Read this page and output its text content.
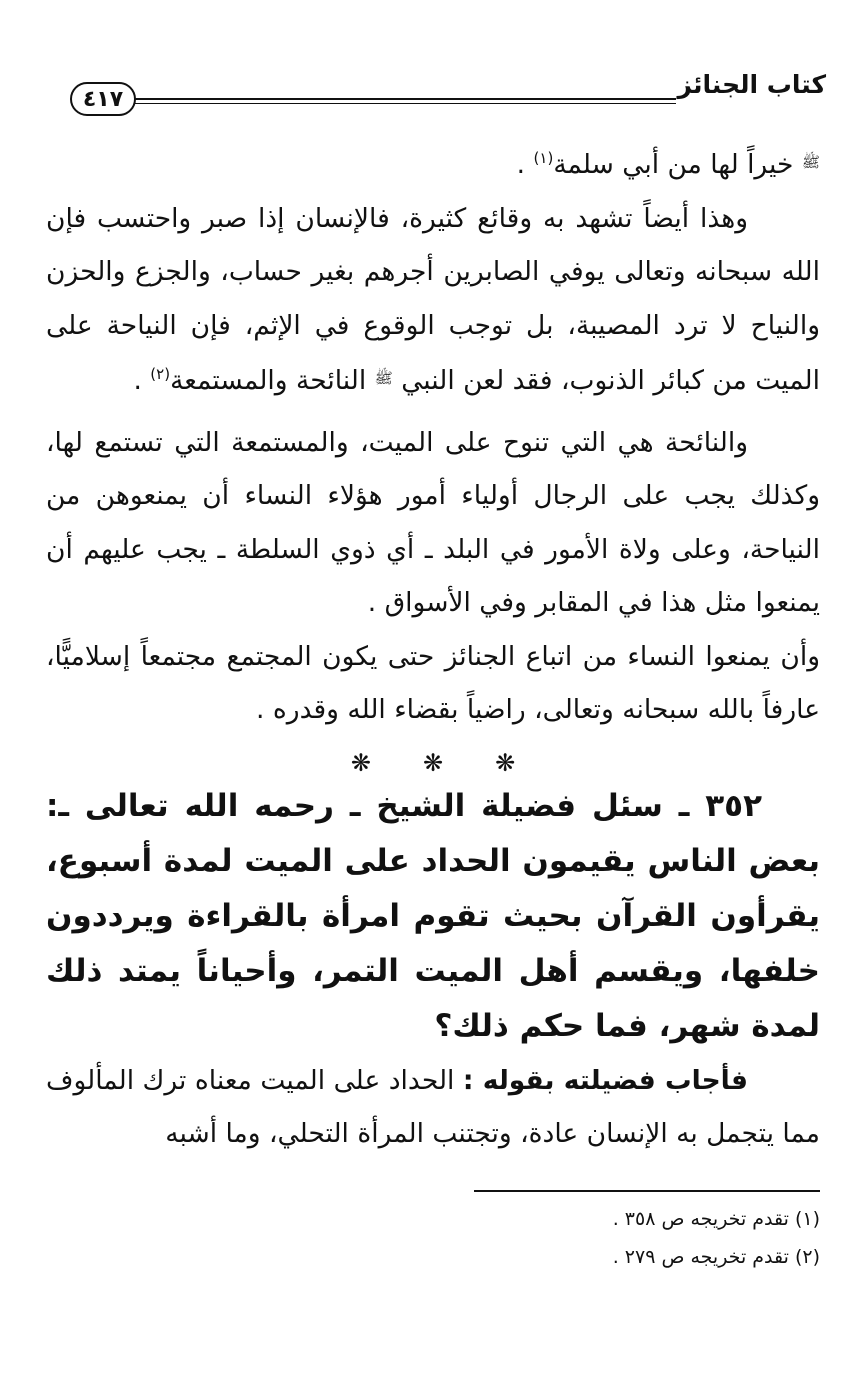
كتاب الجنائز
٤١٧

$^ﷺ$ خيراً لها من أبي سلمة$^{(١)}$ .

وهذا أيضاً تشهد به وقائع كثيرة، فالإنسان إذا صبر واحتسب فإن الله سبحانه وتعالى يوفي الصابرين أجرهم بغير حساب، والجزع والحزن والنياح لا ترد المصيبة، بل توجب الوقوع في الإثم، فإن النياحة على الميت من كبائر الذنوب، فقد لعن النبي $^ﷺ$ النائحة والمستمعة$^{(٢)}$ .

والنائحة هي التي تنوح على الميت، والمستمعة التي تستمع لها، وكذلك يجب على الرجال أولياء أمور هؤلاء النساء أن يمنعوهن من النياحة، وعلى ولاة الأمور في البلد ـ أي ذوي السلطة ـ يجب عليهم أن يمنعوا مثل هذا في المقابر وفي الأسواق .

وأن يمنعوا النساء من اتباع الجنائز حتى يكون المجتمع مجتمعاً إسلاميًّا، عارفاً بالله سبحانه وتعالى، راضياً بقضاء الله وقدره .

❋
❋
❋

٣٥٢ ـ سئل فضيلة الشيخ ـ رحمه الله تعالى ـ: بعض الناس يقيمون الحداد على الميت لمدة أسبوع، يقرأون القرآن بحيث تقوم امرأة بالقراءة ويرددون خلفها، ويقسم أهل الميت التمر، وأحياناً يمتد ذلك لمدة شهر، فما حكم ذلك؟

فأجاب فضيلته بقوله : الحداد على الميت معناه ترك المألوف مما يتجمل به الإنسان عادة، وتجتنب المرأة التحلي، وما أشبه

(١) تقدم تخريجه ص ٣٥٨ .
(٢) تقدم تخريجه ص ٢٧٩ .
